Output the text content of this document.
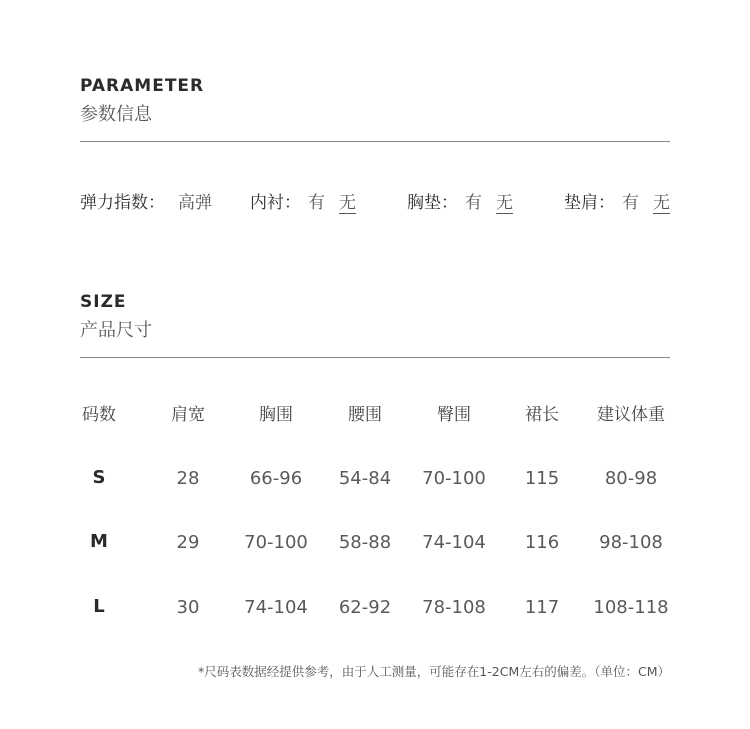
PARAMETER
参数信息
弹力指数： 高弹 内衬： 有 无	胸垫： 有 无	垫肩： 有 无
SIZE
产品尺寸
码数	肩宽	胸围	腰围	臀围	裙长 建议体重
S	28	66-96 54-84 70-100 115	80-98
M	29 70-100 58-88 74-104 116 98-108
L	30 74-104 62-92 78-108 117 108-118
*尺码表数据经提供参考，由于人工测量，可能存在1-2CM左右的偏差。（单位：CM）
